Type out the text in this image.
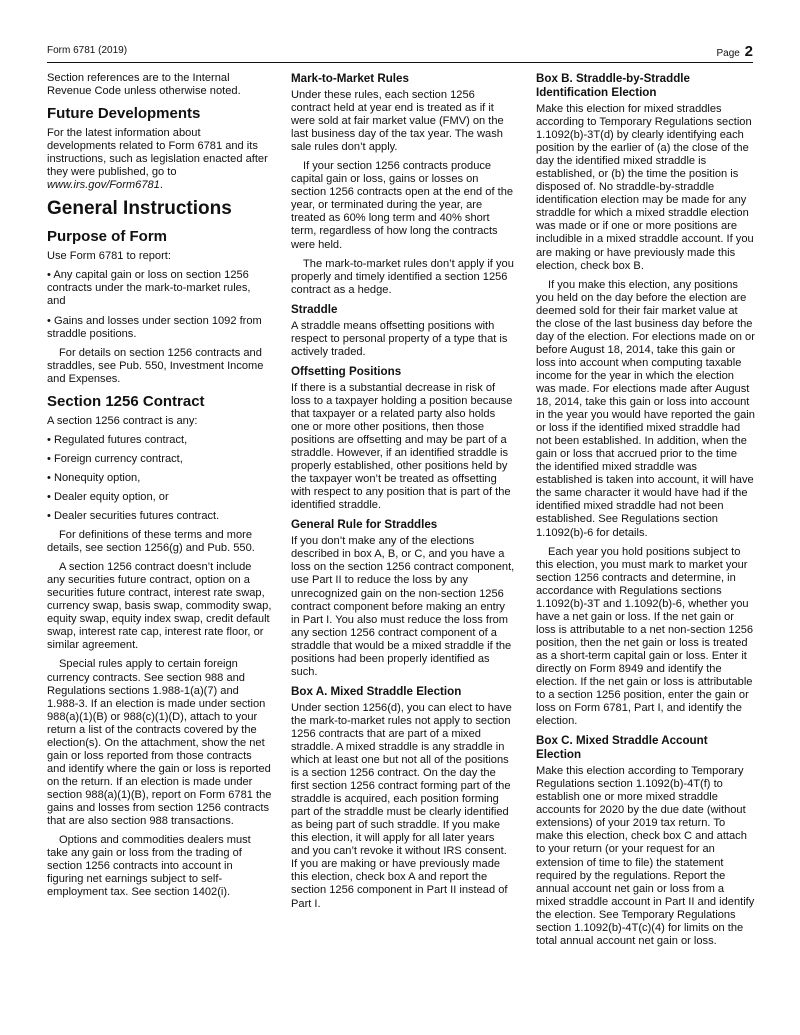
Form 6781 (2019)	Page 2

Section references are to the Internal Revenue Code unless otherwise noted.

Future Developments

For the latest information about developments related to Form 6781 and its instructions, such as legislation enacted after they were published, go to www.irs.gov/Form6781.

General Instructions
Purpose of Form

Use Form 6781 to report:

• Any capital gain or loss on section 1256 contracts under the mark-to-market rules, and

• Gains and losses under section 1092 from straddle positions.

For details on section 1256 contracts and straddles, see Pub. 550, Investment Income and Expenses.

Section 1256 Contract

A section 1256 contract is any:

• Regulated futures contract,

• Foreign currency contract,

• Nonequity option,

• Dealer equity option, or

• Dealer securities futures contract.

For definitions of these terms and more details, see section 1256(g) and Pub. 550.

A section 1256 contract doesn’t include any securities future contract, option on a securities future contract, interest rate swap, currency swap, basis swap, commodity swap, equity swap, equity index swap, credit default swap, interest rate cap, interest rate floor, or similar agreement.

Special rules apply to certain foreign currency contracts. See section 988 and Regulations sections 1.988-1(a)(7) and 1.988-3. If an election is made under section 988(a)(1)(B) or 988(c)(1)(D), attach to your return a list of the contracts covered by the election(s). On the attachment, show the net gain or loss reported from those contracts and identify where the gain or loss is reported on the return. If an election is made under section 988(a)(1)(B), report on Form 6781 the gains and losses from section 1256 contracts that are also section 988 transactions.

Options and commodities dealers must take any gain or loss from the trading of section 1256 contracts into account in figuring net earnings subject to self-employment tax. See section 1402(i).

Mark-to-Market Rules

Under these rules, each section 1256 contract held at year end is treated as if it were sold at fair market value (FMV) on the last business day of the tax year. The wash sale rules don’t apply.

If your section 1256 contracts produce capital gain or loss, gains or losses on section 1256 contracts open at the end of the year, or terminated during the year, are treated as 60% long term and 40% short term, regardless of how long the contracts were held.

The mark-to-market rules don’t apply if you properly and timely identified a section 1256 contract as a hedge.

Straddle

A straddle means offsetting positions with respect to personal property of a type that is actively traded.

Offsetting Positions

If there is a substantial decrease in risk of loss to a taxpayer holding a position because that taxpayer or a related party also holds one or more other positions, then those positions are offsetting and may be part of a straddle. However, if an identified straddle is properly established, other positions held by the taxpayer won’t be treated as offsetting with respect to any position that is part of the identified straddle.

General Rule for Straddles

If you don’t make any of the elections described in box A, B, or C, and you have a loss on the section 1256 contract component, use Part II to reduce the loss by any unrecognized gain on the non-section 1256 contract component before making an entry in Part I. You also must reduce the loss from any section 1256 contract component of a straddle that would be a mixed straddle if the positions had been properly identified as such.

Box A. Mixed Straddle Election

Under section 1256(d), you can elect to have the mark-to-market rules not apply to section 1256 contracts that are part of a mixed straddle. A mixed straddle is any straddle in which at least one but not all of the positions is a section 1256 contract. On the day the first section 1256 contract forming part of the straddle is acquired, each position forming part of the straddle must be clearly identified as being part of such straddle. If you make this election, it will apply for all later years and you can’t revoke it without IRS consent. If you are making or have previously made this election, check box A and report the section 1256 component in Part II instead of Part I.

Box B. Straddle-by-Straddle Identification Election

Make this election for mixed straddles according to Temporary Regulations section 1.1092(b)-3T(d) by clearly identifying each position by the earlier of (a) the close of the day the identified mixed straddle is established, or (b) the time the position is disposed of. No straddle-by-straddle identification election may be made for any straddle for which a mixed straddle election was made or if one or more positions are includible in a mixed straddle account. If you are making or have previously made this election, check box B.

If you make this election, any positions you held on the day before the election are deemed sold for their fair market value at the close of the last business day before the day of the election. For elections made on or before August 18, 2014, take this gain or loss into account when computing taxable income for the year in which the election was made. For elections made after August 18, 2014, take this gain or loss into account in the year you would have reported the gain or loss if the identified mixed straddle had not been established. In addition, when the gain or loss that accrued prior to the time the identified mixed straddle was established is taken into account, it will have the same character it would have had if the identified mixed straddle had not been established. See Regulations section 1.1092(b)-6 for details.

Each year you hold positions subject to this election, you must mark to market your section 1256 contracts and determine, in accordance with Regulations sections 1.1092(b)-3T and 1.1092(b)-6, whether you have a net gain or loss. If the net gain or loss is attributable to a net non-section 1256 position, then the net gain or loss is treated as a short-term capital gain or loss. Enter it directly on Form 8949 and identify the election. If the net gain or loss is attributable to a section 1256 position, enter the gain or loss on Form 6781, Part I, and identify the election.

Box C. Mixed Straddle Account Election

Make this election according to Temporary Regulations section 1.1092(b)-4T(f) to establish one or more mixed straddle accounts for 2020 by the due date (without extensions) of your 2019 tax return. To make this election, check box C and attach to your return (or your request for an extension of time to file) the statement required by the regulations. Report the annual account net gain or loss from a mixed straddle account in Part II and identify the election. See Temporary Regulations section 1.1092(b)-4T(c)(4) for limits on the total annual account net gain or loss.
